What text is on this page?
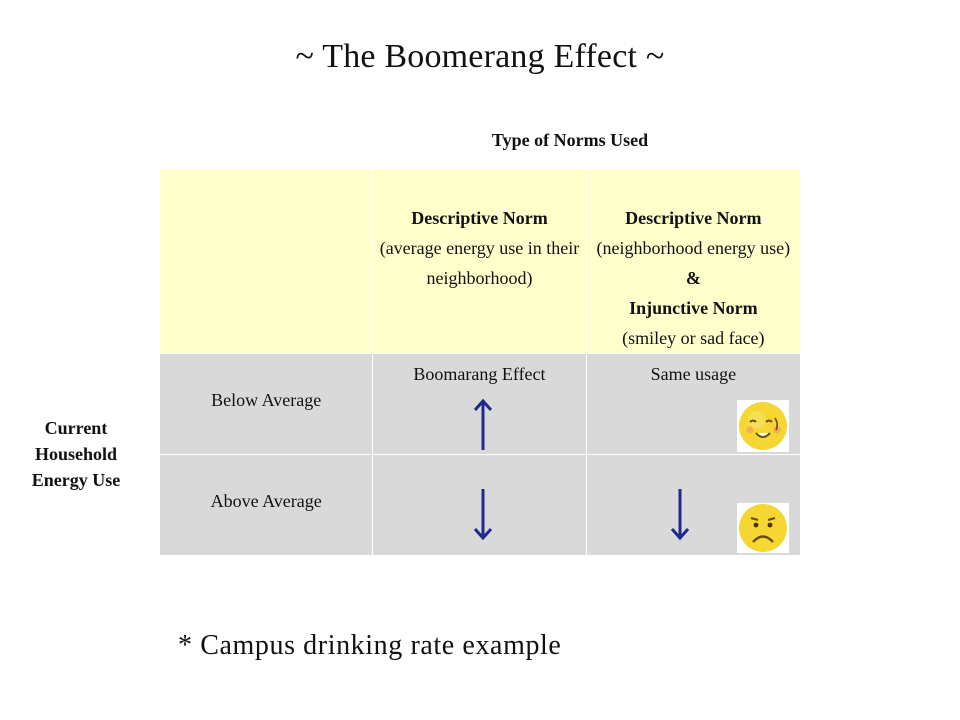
~ The Boomerang Effect ~
Type of Norms Used
Current
Household
Energy Use

	Descriptive Norm
(average energy use in their neighborhood)	Descriptive Norm
(neighborhood energy use) &
Injunctive Norm
(smiley or sad face)

Below Average	Boomarang Effect	Same usage

Above Average

* Campus drinking rate example
